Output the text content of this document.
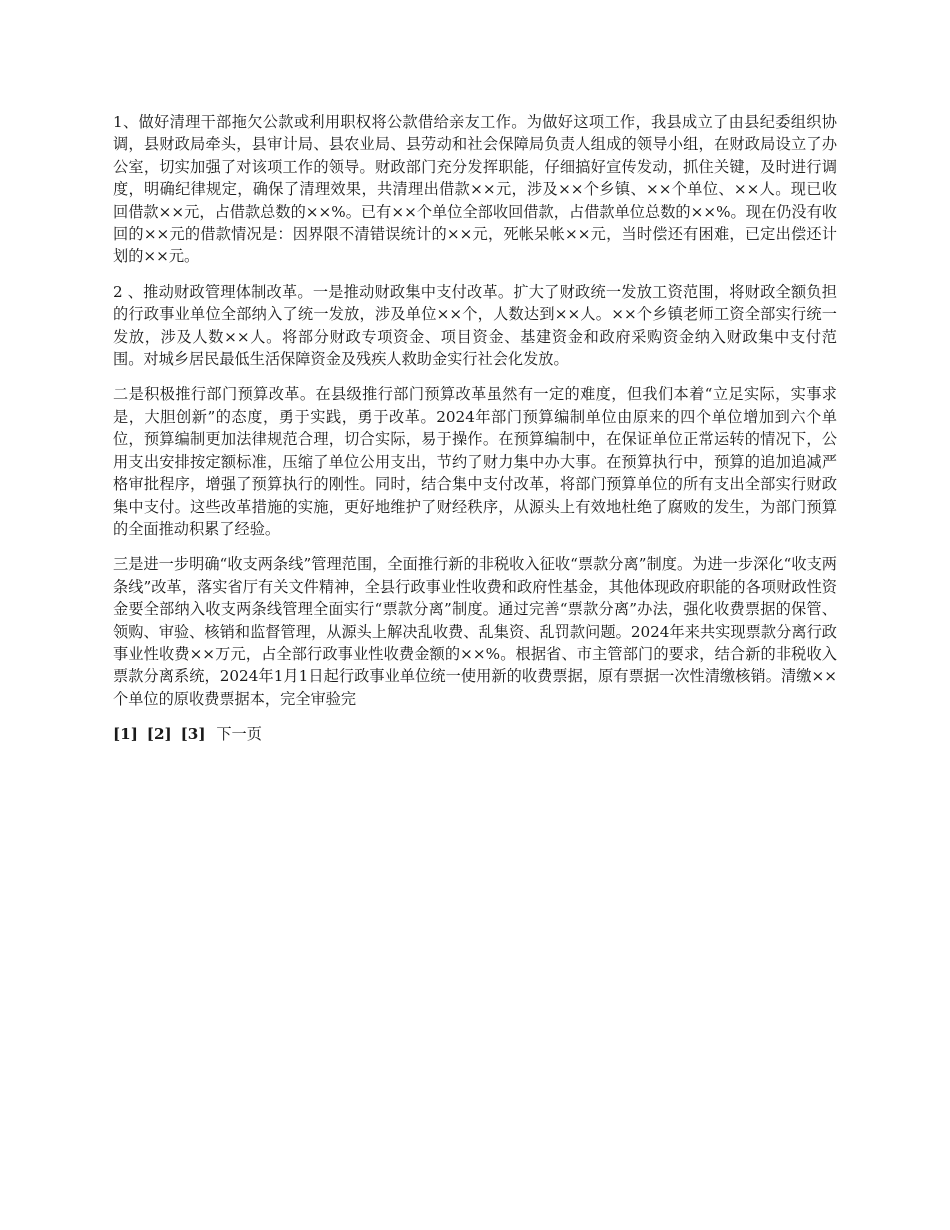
1、做好清理干部拖欠公款或利用职权将公款借给亲友工作。为做好这项工作，我县成立了由县纪委组织协调，县财政局牵头，县审计局、县农业局、县劳动和社会保障局负责人组成的领导小组，在财政局设立了办公室，切实加强了对该项工作的领导。财政部门充分发挥职能，仔细搞好宣传发动，抓住关键，及时进行调度，明确纪律规定，确保了清理效果，共清理出借款××元，涉及××个乡镇、××个单位、××人。现已收回借款××元，占借款总数的××%。已有××个单位全部收回借款，占借款单位总数的××%。现在仍没有收回的××元的借款情况是：因界限不清错误统计的××元，死帐呆帐××元，当时偿还有困难，已定出偿还计划的××元。

2 、推动财政管理体制改革。一是推动财政集中支付改革。扩大了财政统一发放工资范围，将财政全额负担的行政事业单位全部纳入了统一发放，涉及单位××个，人数达到××人。××个乡镇老师工资全部实行统一发放，涉及人数××人。将部分财政专项资金、项目资金、基建资金和政府采购资金纳入财政集中支付范围。对城乡居民最低生活保障资金及残疾人救助金实行社会化发放。

二是积极推行部门预算改革。在县级推行部门预算改革虽然有一定的难度，但我们本着“立足实际，实事求是，大胆创新”的态度，勇于实践，勇于改革。2024年部门预算编制单位由原来的四个单位增加到六个单位，预算编制更加法律规范合理，切合实际，易于操作。在预算编制中，在保证单位正常运转的情况下，公用支出安排按定额标准，压缩了单位公用支出，节约了财力集中办大事。在预算执行中，预算的追加追减严格审批程序，增强了预算执行的刚性。同时，结合集中支付改革，将部门预算单位的所有支出全部实行财政集中支付。这些改革措施的实施，更好地维护了财经秩序，从源头上有效地杜绝了腐败的发生，为部门预算的全面推动积累了经验。

三是进一步明确“收支两条线”管理范围，全面推行新的非税收入征收“票款分离”制度。为进一步深化“收支两条线”改革，落实省厅有关文件精神，全县行政事业性收费和政府性基金，其他体现政府职能的各项财政性资金要全部纳入收支两条线管理全面实行“票款分离”制度。通过完善“票款分离”办法，强化收费票据的保管、领购、审验、核销和监督管理，从源头上解决乱收费、乱集资、乱罚款问题。2024年来共实现票款分离行政事业性收费××万元，占全部行政事业性收费金额的××%。根据省、市主管部门的要求，结合新的非税收入票款分离系统，2024年1月1日起行政事业单位统一使用新的收费票据，原有票据一次性清缴核销。清缴××个单位的原收费票据本，完全审验完

[1] [2] [3] 下一页
